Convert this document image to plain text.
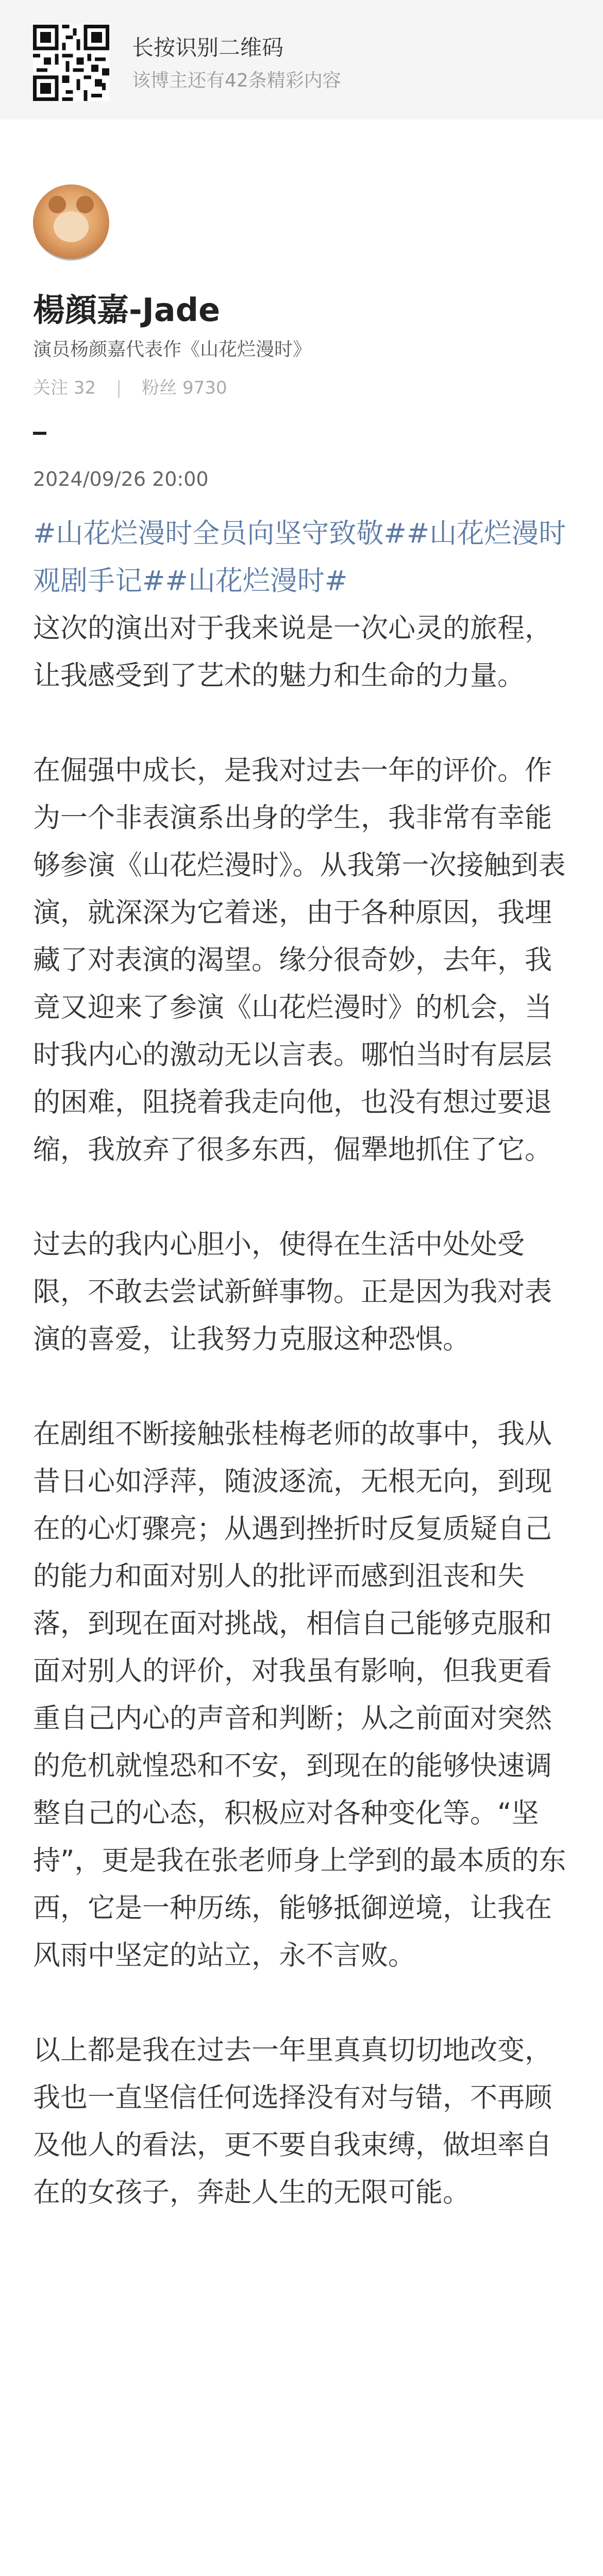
长按识别二维码
该博主还有42条精彩内容
楊顔嘉-Jade
演员杨颜嘉代表作《山花烂漫时》
关注 32 | 粉丝 9730
2024/09/26 20:00

#山花烂漫时全员向坚守致敬##山花烂漫时观剧手记##山花烂漫时#

这次的演出对于我来说是一次心灵的旅程，让我感受到了艺术的魅力和生命的力量。

在倔强中成长，是我对过去一年的评价。作为一个非表演系出身的学生，我非常有幸能够参演《山花烂漫时》。从我第一次接触到表演，就深深为它着迷，由于各种原因，我埋藏了对表演的渴望。缘分很奇妙，去年，我竟又迎来了参演《山花烂漫时》的机会，当时我内心的激动无以言表。哪怕当时有层层的困难，阻挠着我走向他，也没有想过要退缩，我放弃了很多东西，倔犟地抓住了它。

过去的我内心胆小，使得在生活中处处受限，不敢去尝试新鲜事物。正是因为我对表演的喜爱，让我努力克服这种恐惧。

在剧组不断接触张桂梅老师的故事中，我从昔日心如浮萍，随波逐流，无根无向，到现在的心灯骤亮；从遇到挫折时反复质疑自己的能力和面对别人的批评而感到沮丧和失落，到现在面对挑战，相信自己能够克服和面对别人的评价，对我虽有影响，但我更看重自己内心的声音和判断；从之前面对突然的危机就惶恐和不安，到现在的能够快速调整自己的心态，积极应对各种变化等。“坚持”，更是我在张老师身上学到的最本质的东西，它是一种历练，能够抵御逆境，让我在风雨中坚定的站立，永不言败。

以上都是我在过去一年里真真切切地改变，我也一直坚信任何选择没有对与错，不再顾及他人的看法，更不要自我束缚，做坦率自在的女孩子，奔赴人生的无限可能。
